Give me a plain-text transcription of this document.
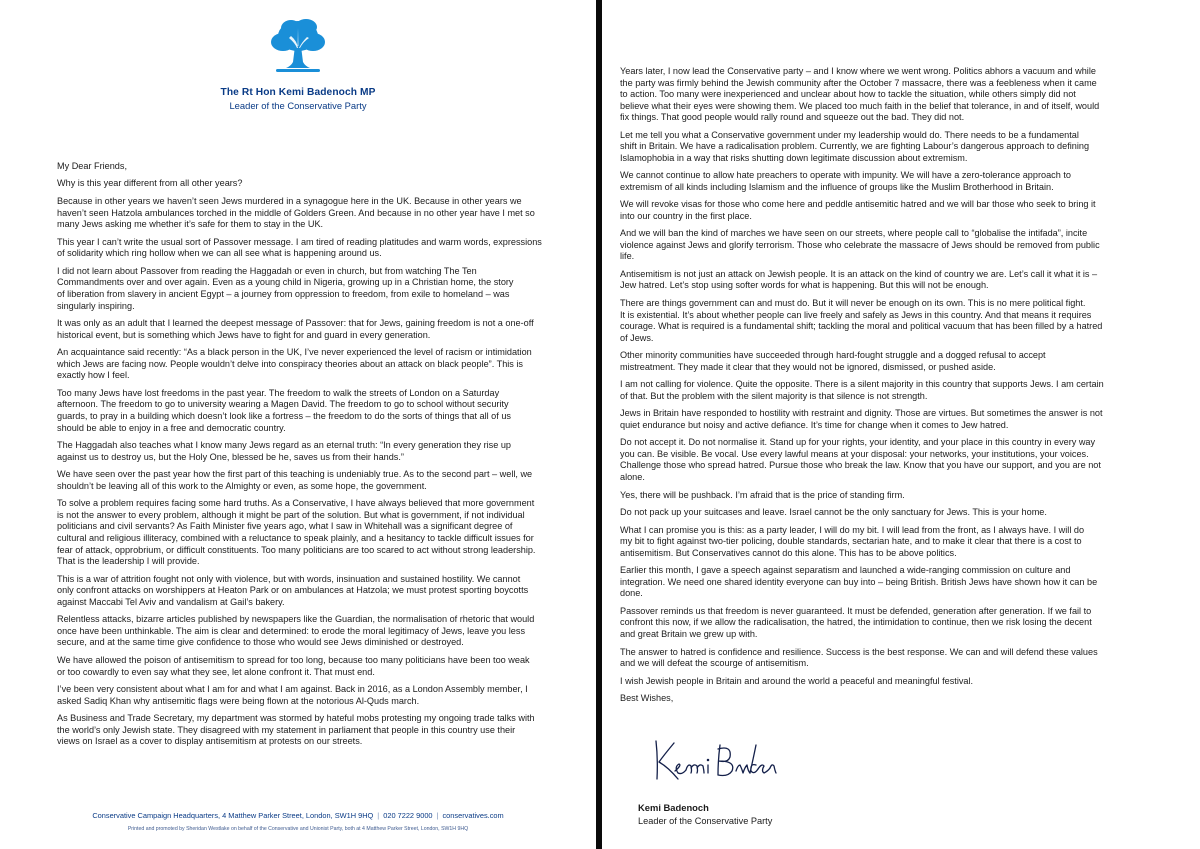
The Rt Hon Kemi Badenoch MP
Leader of the Conservative Party

My Dear Friends,

Why is this year different from all other years?

Because in other years we haven’t seen Jews murdered in a synagogue here in the UK. Because in other years we
haven’t seen Hatzola ambulances torched in the middle of Golders Green. And because in no other year have I met so
many Jews asking me whether it’s safe for them to stay in the UK.

This year I can’t write the usual sort of Passover message. I am tired of reading platitudes and warm words, expressions
of solidarity which ring hollow when we can all see what is happening around us.

I did not learn about Passover from reading the Haggadah or even in church, but from watching The Ten
Commandments over and over again. Even as a young child in Nigeria, growing up in a Christian home, the story
of liberation from slavery in ancient Egypt – a journey from oppression to freedom, from exile to homeland – was
singularly inspiring.

It was only as an adult that I learned the deepest message of Passover: that for Jews, gaining freedom is not a one-off
historical event, but is something which Jews have to fight for and guard in every generation.

An acquaintance said recently: “As a black person in the UK, I’ve never experienced the level of racism or intimidation
which Jews are facing now. People wouldn’t delve into conspiracy theories about an attack on black people”. This is
exactly how I feel.

Too many Jews have lost freedoms in the past year. The freedom to walk the streets of London on a Saturday
afternoon. The freedom to go to university wearing a Magen David. The freedom to go to school without security
guards, to pray in a building which doesn’t look like a fortress – the freedom to do the sorts of things that all of us
should be able to enjoy in a free and democratic country.

The Haggadah also teaches what I know many Jews regard as an eternal truth: “In every generation they rise up
against us to destroy us, but the Holy One, blessed be he, saves us from their hands.”

We have seen over the past year how the first part of this teaching is undeniably true. As to the second part – well, we
shouldn’t be leaving all of this work to the Almighty or even, as some hope, the government.

To solve a problem requires facing some hard truths. As a Conservative, I have always believed that more government
is not the answer to every problem, although it might be part of the solution. But what is government, if not individual
politicians and civil servants? As Faith Minister five years ago, what I saw in Whitehall was a significant degree of
cultural and religious illiteracy, combined with a reluctance to speak plainly, and a hesitancy to tackle difficult issues for
fear of attack, opprobrium, or difficult constituents. Too many politicians are too scared to act without strong leadership.
That is the leadership I will provide.

This is a war of attrition fought not only with violence, but with words, insinuation and sustained hostility. We cannot
only confront attacks on worshippers at Heaton Park or on ambulances at Hatzola; we must protest sporting boycotts
against Maccabi Tel Aviv and vandalism at Gail’s bakery.

Relentless attacks, bizarre articles published by newspapers like the Guardian, the normalisation of rhetoric that would
once have been unthinkable. The aim is clear and determined: to erode the moral legitimacy of Jews, leave you less
secure, and at the same time give confidence to those who would see Jews diminished or destroyed.

We have allowed the poison of antisemitism to spread for too long, because too many politicians have been too weak
or too cowardly to even say what they see, let alone confront it. That must end.

I’ve been very consistent about what I am for and what I am against. Back in 2016, as a London Assembly member, I
asked Sadiq Khan why antisemitic flags were being flown at the notorious Al-Quds march.

As Business and Trade Secretary, my department was stormed by hateful mobs protesting my ongoing trade talks with
the world’s only Jewish state. They disagreed with my statement in parliament that people in this country use their
views on Israel as a cover to display antisemitism at protests on our streets.

Years later, I now lead the Conservative party – and I know where we went wrong. Politics abhors a vacuum and while
the party was firmly behind the Jewish community after the October 7 massacre, there was a feebleness when it came
to action. Too many were inexperienced and unclear about how to tackle the situation, while others simply did not
believe what their eyes were showing them. We placed too much faith in the belief that tolerance, in and of itself, would
fix things. That good people would rally round and squeeze out the bad. They did not.

Let me tell you what a Conservative government under my leadership would do. There needs to be a fundamental
shift in Britain. We have a radicalisation problem. Currently, we are fighting Labour’s dangerous approach to defining
Islamophobia in a way that risks shutting down legitimate discussion about extremism.

We cannot continue to allow hate preachers to operate with impunity. We will have a zero-tolerance approach to
extremism of all kinds including Islamism and the influence of groups like the Muslim Brotherhood in Britain.

We will revoke visas for those who come here and peddle antisemitic hatred and we will bar those who seek to bring it
into our country in the first place.

And we will ban the kind of marches we have seen on our streets, where people call to “globalise the intifada”, incite
violence against Jews and glorify terrorism. Those who celebrate the massacre of Jews should be removed from public
life.

Antisemitism is not just an attack on Jewish people. It is an attack on the kind of country we are. Let’s call it what it is –
Jew hatred. Let’s stop using softer words for what is happening. But this will not be enough.

There are things government can and must do. But it will never be enough on its own. This is no mere political fight.
It is existential. It’s about whether people can live freely and safely as Jews in this country. And that means it requires
courage. What is required is a fundamental shift; tackling the moral and political vacuum that has been filled by a hatred
of Jews.

Other minority communities have succeeded through hard-fought struggle and a dogged refusal to accept
mistreatment. They made it clear that they would not be ignored, dismissed, or pushed aside.

I am not calling for violence. Quite the opposite. There is a silent majority in this country that supports Jews. I am certain
of that. But the problem with the silent majority is that silence is not strength.

Jews in Britain have responded to hostility with restraint and dignity. Those are virtues. But sometimes the answer is not
quiet endurance but noisy and active defiance. It’s time for change when it comes to Jew hatred.

Do not accept it. Do not normalise it. Stand up for your rights, your identity, and your place in this country in every way
you can. Be visible. Be vocal. Use every lawful means at your disposal: your networks, your institutions, your voices.
Challenge those who spread hatred. Pursue those who break the law. Know that you have our support, and you are not
alone.

Yes, there will be pushback. I’m afraid that is the price of standing firm.

Do not pack up your suitcases and leave. Israel cannot be the only sanctuary for Jews. This is your home.

What I can promise you is this: as a party leader, I will do my bit. I will lead from the front, as I always have. I will do
my bit to fight against two-tier policing, double standards, sectarian hate, and to make it clear that there is a cost to
antisemitism. But Conservatives cannot do this alone. This has to be above politics.

Earlier this month, I gave a speech against separatism and launched a wide-ranging commission on culture and
integration. We need one shared identity everyone can buy into – being British. British Jews have shown how it can be
done.

Passover reminds us that freedom is never guaranteed. It must be defended, generation after generation. If we fail to
confront this now, if we allow the radicalisation, the hatred, the intimidation to continue, then we risk losing the decent
and great Britain we grew up with.

The answer to hatred is confidence and resilience. Success is the best response. We can and will defend these values
and we will defeat the scourge of antisemitism.

I wish Jewish people in Britain and around the world a peaceful and meaningful festival.

Best Wishes,

Kemi Badenoch
Leader of the Conservative Party
Conservative Campaign Headquarters, 4 Matthew Parker Street, London, SW1H 9HQ | 020 7222 9000 | conservatives.com
Printed and promoted by Sheridan Westlake on behalf of the Conservative and Unionist Party, both at 4 Matthew Parker Street, London, SW1H 9HQ
